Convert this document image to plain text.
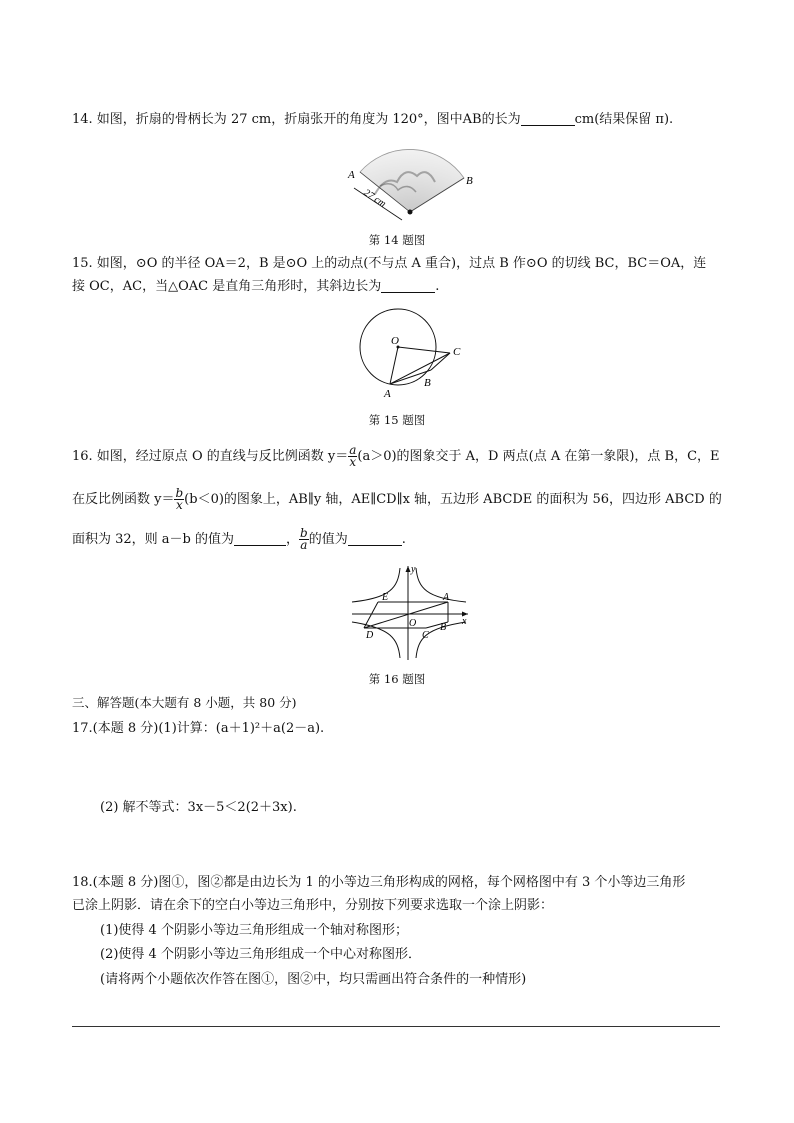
14. 如图，折扇的骨柄长为 27 cm，折扇张开的角度为 120°，图中AB的长为	cm(结果保留 π).
A	B
27 cm
第 14 题图
15. 如图，⊙O 的半径 OA＝2，B 是⊙O 上的动点(不与点 A 重合)，过点 B 作⊙O 的切线 BC，BC＝OA，连
接 OC，AC，当△OAC 是直角三角形时，其斜边长为	.
O
A
B
C
第 15 题图
16. 如图，经过原点 O 的直线与反比例函数 $y= \frac{a}{x} (a>0)$的图象交于 A，D 两点(点 A 在第一象限)，点 B，C，E
在反比例函数 $y= \frac{b}{x} (b<0)$的图象上，AB∥y 轴，AE∥CD∥x 轴，五边形 ABCDE 的面积为 56，四边形 ABCD 的
面积为 32，则 a－b 的值为	， $\frac{b}{a}$ 的值为	.
y
x
O
A
B
C
D
E
第 16 题图
三、解答题(本大题有 8 小题，共 80 分)
17.(本题 8 分)(1)计算：(a＋1)²＋a(2－a).
(2) 解不等式：3x－5＜2(2＋3x).
18.(本题 8 分)图①，图②都是由边长为 1 的小等边三角形构成的网格，每个网格图中有 3 个小等边三角形
已涂上阴影．请在余下的空白小等边三角形中，分别按下列要求选取一个涂上阴影：
(1)使得 4 个阴影小等边三角形组成一个轴对称图形；
(2)使得 4 个阴影小等边三角形组成一个中心对称图形．
(请将两个小题依次作答在图①，图②中，均只需画出符合条件的一种情形)
